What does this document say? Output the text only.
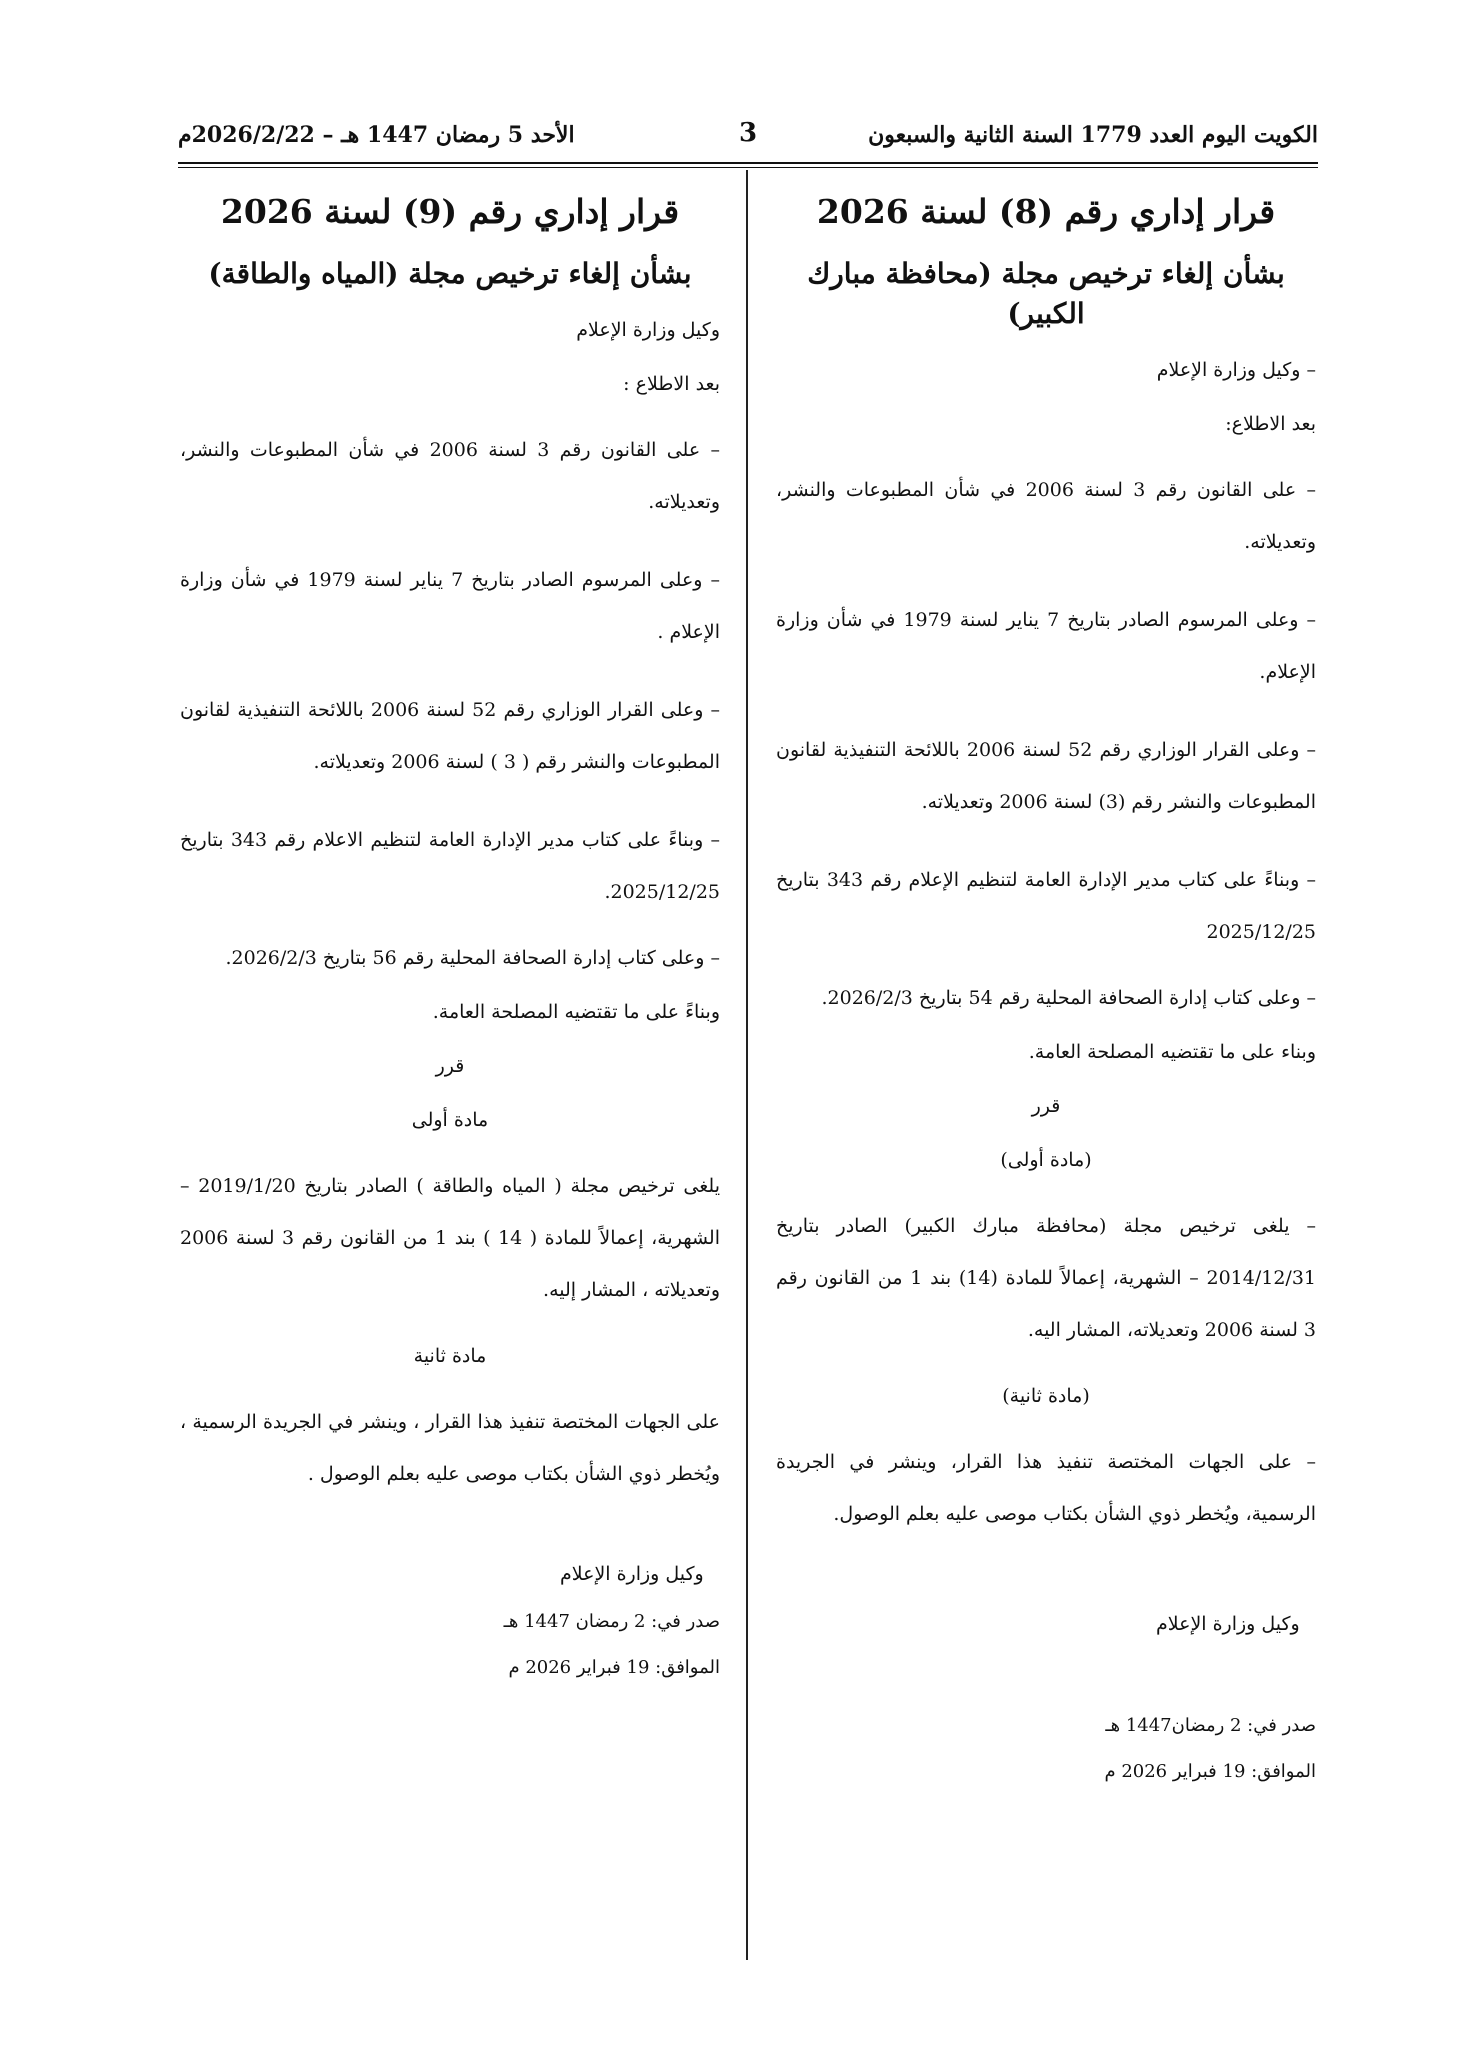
الكويت اليوم العدد 1779 السنة الثانية والسبعون
3
الأحد 5 رمضان 1447 هـ – 2026/2/22م
قرار إداري رقم (8) لسنة 2026
بشأن إلغاء ترخيص مجلة (محافظة مبارك الكبير)

– وكيل وزارة الإعلام

بعد الاطلاع:

– على القانون رقم 3 لسنة 2006 في شأن المطبوعات والنشر، وتعديلاته.

– وعلى المرسوم الصادر بتاريخ 7 يناير لسنة 1979 في شأن وزارة الإعلام.

– وعلى القرار الوزاري رقم 52 لسنة 2006 باللائحة التنفيذية لقانون المطبوعات والنشر رقم (3) لسنة 2006 وتعديلاته.

– وبناءً على كتاب مدير الإدارة العامة لتنظيم الإعلام رقم 343 بتاريخ 2025/12/25

– وعلى كتاب إدارة الصحافة المحلية رقم 54 بتاريخ 2026/2/3.

وبناء على ما تقتضيه المصلحة العامة.

قرر

(مادة أولى)

– يلغى ترخيص مجلة (محافظة مبارك الكبير) الصادر بتاريخ 2014/12/31 – الشهرية، إعمالاً للمادة (14) بند 1 من القانون رقم 3 لسنة 2006 وتعديلاته، المشار اليه.

(مادة ثانية)

– على الجهات المختصة تنفيذ هذا القرار، وينشر في الجريدة الرسمية، ويُخطر ذوي الشأن بكتاب موصى عليه بعلم الوصول.

وكيل وزارة الإعلام

صدر في: 2 رمضان1447 هـ

الموافق: 19 فبراير 2026 م

قرار إداري رقم (9) لسنة 2026
بشأن إلغاء ترخيص مجلة (المياه والطاقة)

وكيل وزارة الإعلام

بعد الاطلاع :

– على القانون رقم 3 لسنة 2006 في شأن المطبوعات والنشر، وتعديلاته.

– وعلى المرسوم الصادر بتاريخ 7 يناير لسنة 1979 في شأن وزارة الإعلام .

– وعلى القرار الوزاري رقم 52 لسنة 2006 باللائحة التنفيذية لقانون المطبوعات والنشر رقم ( 3 ) لسنة 2006 وتعديلاته.

– وبناءً على كتاب مدير الإدارة العامة لتنظيم الاعلام رقم 343 بتاريخ 2025/12/25.

– وعلى كتاب إدارة الصحافة المحلية رقم 56 بتاريخ 2026/2/3.

وبناءً على ما تقتضيه المصلحة العامة.

قرر

مادة أولى

يلغى ترخيص مجلة ( المياه والطاقة ) الصادر بتاريخ 2019/1/20 – الشهرية، إعمالاً للمادة ( 14 ) بند 1 من القانون رقم 3 لسنة 2006 وتعديلاته ، المشار إليه.

مادة ثانية

على الجهات المختصة تنفيذ هذا القرار ، وينشر في الجريدة الرسمية ، ويُخطر ذوي الشأن بكتاب موصى عليه بعلم الوصول .

وكيل وزارة الإعلام

صدر في: 2 رمضان 1447 هـ

الموافق: 19 فبراير 2026 م
